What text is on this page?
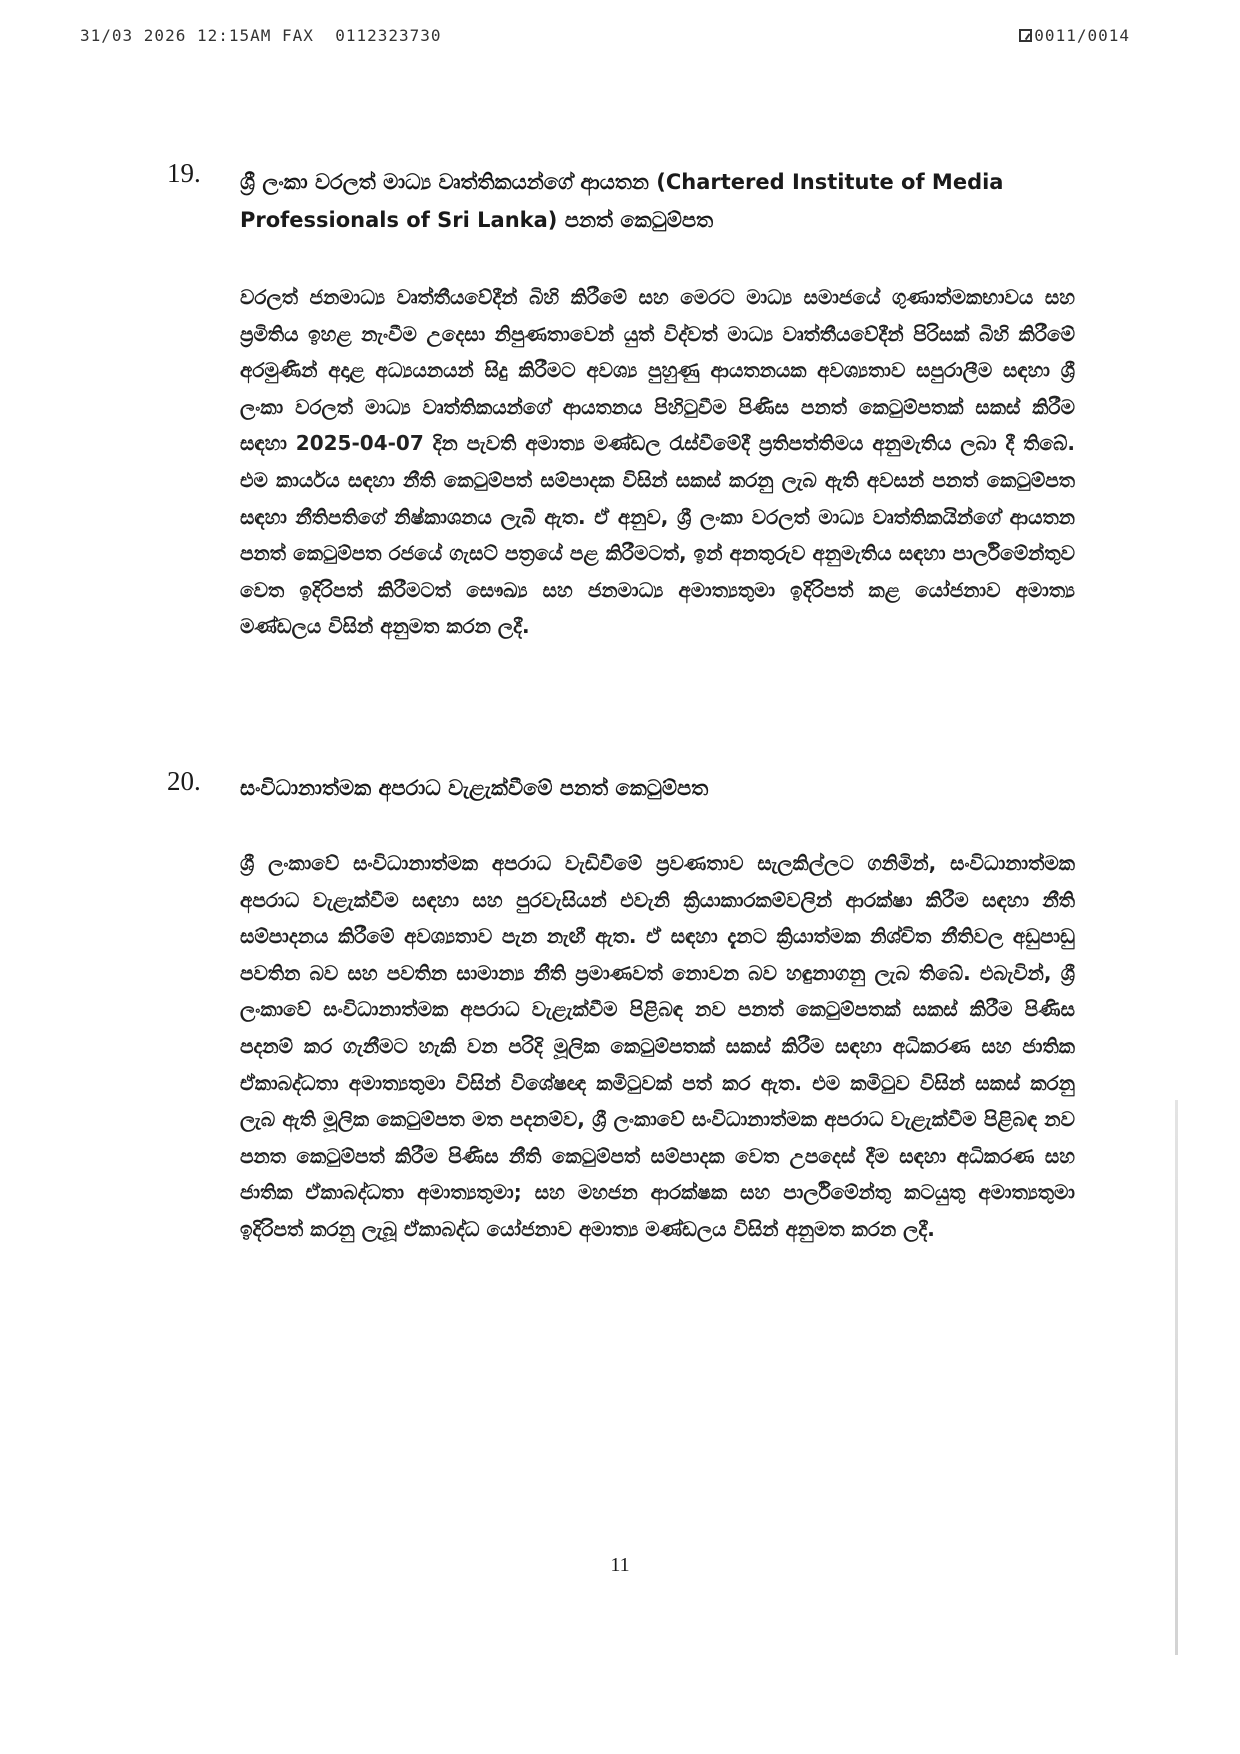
31/03 2026 12:15AM FAX 0112323730	0011/0014
19. ශ්‍රී ලංකා වරලත් මාධ්‍ය වෘත්තිකයන්ගේ ආයතන (Chartered Institute of Media Professionals of Sri Lanka) පනත් කෙටුම්පත
වරලත් ජනමාධ්‍ය වෘත්තීයවේදීන් බිහි කිරීමේ සහ මෙරට මාධ්‍ය සමාජයේ ගුණාත්මකභාවය සහ ප්‍රමිතිය ඉහළ නැංවීම උදෙසා නිපුණතාවෙන් යුත් විද්වත් මාධ්‍ය වෘත්තීයවේදීන් පිරිසක් බිහි කිරීමේ අරමුණින් අදාළ අධ්‍යයනයන් සිදු කිරීමට අවශ්‍ය පුහුණු ආයතනයක අවශ්‍යතාව සපුරාලීම සඳහා ශ්‍රී ලංකා වරලත් මාධ්‍ය වෘත්තිකයන්ගේ ආයතනය පිහිටුවීම පිණිස පනත් කෙටුම්පතක් සකස් කිරීම සඳහා 2025-04-07 දින පැවති අමාත්‍ය මණ්ඩල රැස්වීමේදී ප්‍රතිපත්තිමය අනුමැතිය ලබා දී තිබේ. එම කාර්යය සඳහා නීති කෙටුම්පත් සම්පාදක විසින් සකස් කරනු ලැබ ඇති අවසන් පනත් කෙටුම්පත සඳහා නීතිපතිගේ නිෂ්කාශනය ලැබී ඇත. ඒ අනුව, ශ්‍රී ලංකා වරලත් මාධ්‍ය වෘත්තිකයින්ගේ ආයතන පනත් කෙටුම්පත රජයේ ගැසට් පත්‍රයේ පළ කිරීමටත්, ඉන් අනතුරුව අනුමැතිය සඳහා පාර්ලිමේන්තුව වෙත ඉදිරිපත් කිරීමටත් සෞඛ්‍ය සහ ජනමාධ්‍ය අමාත්‍යතුමා ඉදිරිපත් කළ යෝජනාව අමාත්‍ය මණ්ඩලය විසින් අනුමත කරන ලදී.
20. සංවිධානාත්මක අපරාධ වැළැක්වීමේ පනත් කෙටුම්පත
ශ්‍රී ලංකාවේ සංවිධානාත්මක අපරාධ වැඩිවීමේ ප්‍රවණතාව සැලකිල්ලට ගනිමින්, සංවිධානාත්මක අපරාධ වැළැක්වීම සඳහා සහ පුරවැසියන් එවැනි ක්‍රියාකාරකම්වලින් ආරක්ෂා කිරීම සඳහා නීති සම්පාදනය කිරීමේ අවශ්‍යතාව පැන නැඟී ඇත. ඒ සඳහා දැනට ක්‍රියාත්මක නිශ්චිත නීතිවල අඩුපාඩු පවතින බව සහ පවතින සාමාන්‍ය නීති ප්‍රමාණවත් නොවන බව හඳුනාගනු ලැබ තිබේ. එබැවින්, ශ්‍රී ලංකාවේ සංවිධානාත්මක අපරාධ වැළැක්වීම පිළිබඳ නව පනත් කෙටුම්පතක් සකස් කිරීම පිණිස පදනම් කර ගැනීමට හැකි වන පරිදි මූලික කෙටුම්පතක් සකස් කිරීම සඳහා අධිකරණ සහ ජාතික ඒකාබද්ධතා අමාත්‍යතුමා විසින් විශේෂඥ කමිටුවක් පත් කර ඇත. එම කමිටුව විසින් සකස් කරනු ලැබ ඇති මූලික කෙටුම්පත මත පදනම්ව, ශ්‍රී ලංකාවේ සංවිධානාත්මක අපරාධ වැළැක්වීම පිළිබඳ නව පනත කෙටුම්පත් කිරීම පිණිස නීති කෙටුම්පත් සම්පාදක වෙත උපදෙස් දීම සඳහා අධිකරණ සහ ජාතික ඒකාබද්ධතා අමාත්‍යතුමා; සහ මහජන ආරක්ෂක සහ පාර්ලිමේන්තු කටයුතු අමාත්‍යතුමා ඉදිරිපත් කරනු ලැබූ ඒකාබද්ධ යෝජනාව අමාත්‍ය මණ්ඩලය විසින් අනුමත කරන ලදී.
11
